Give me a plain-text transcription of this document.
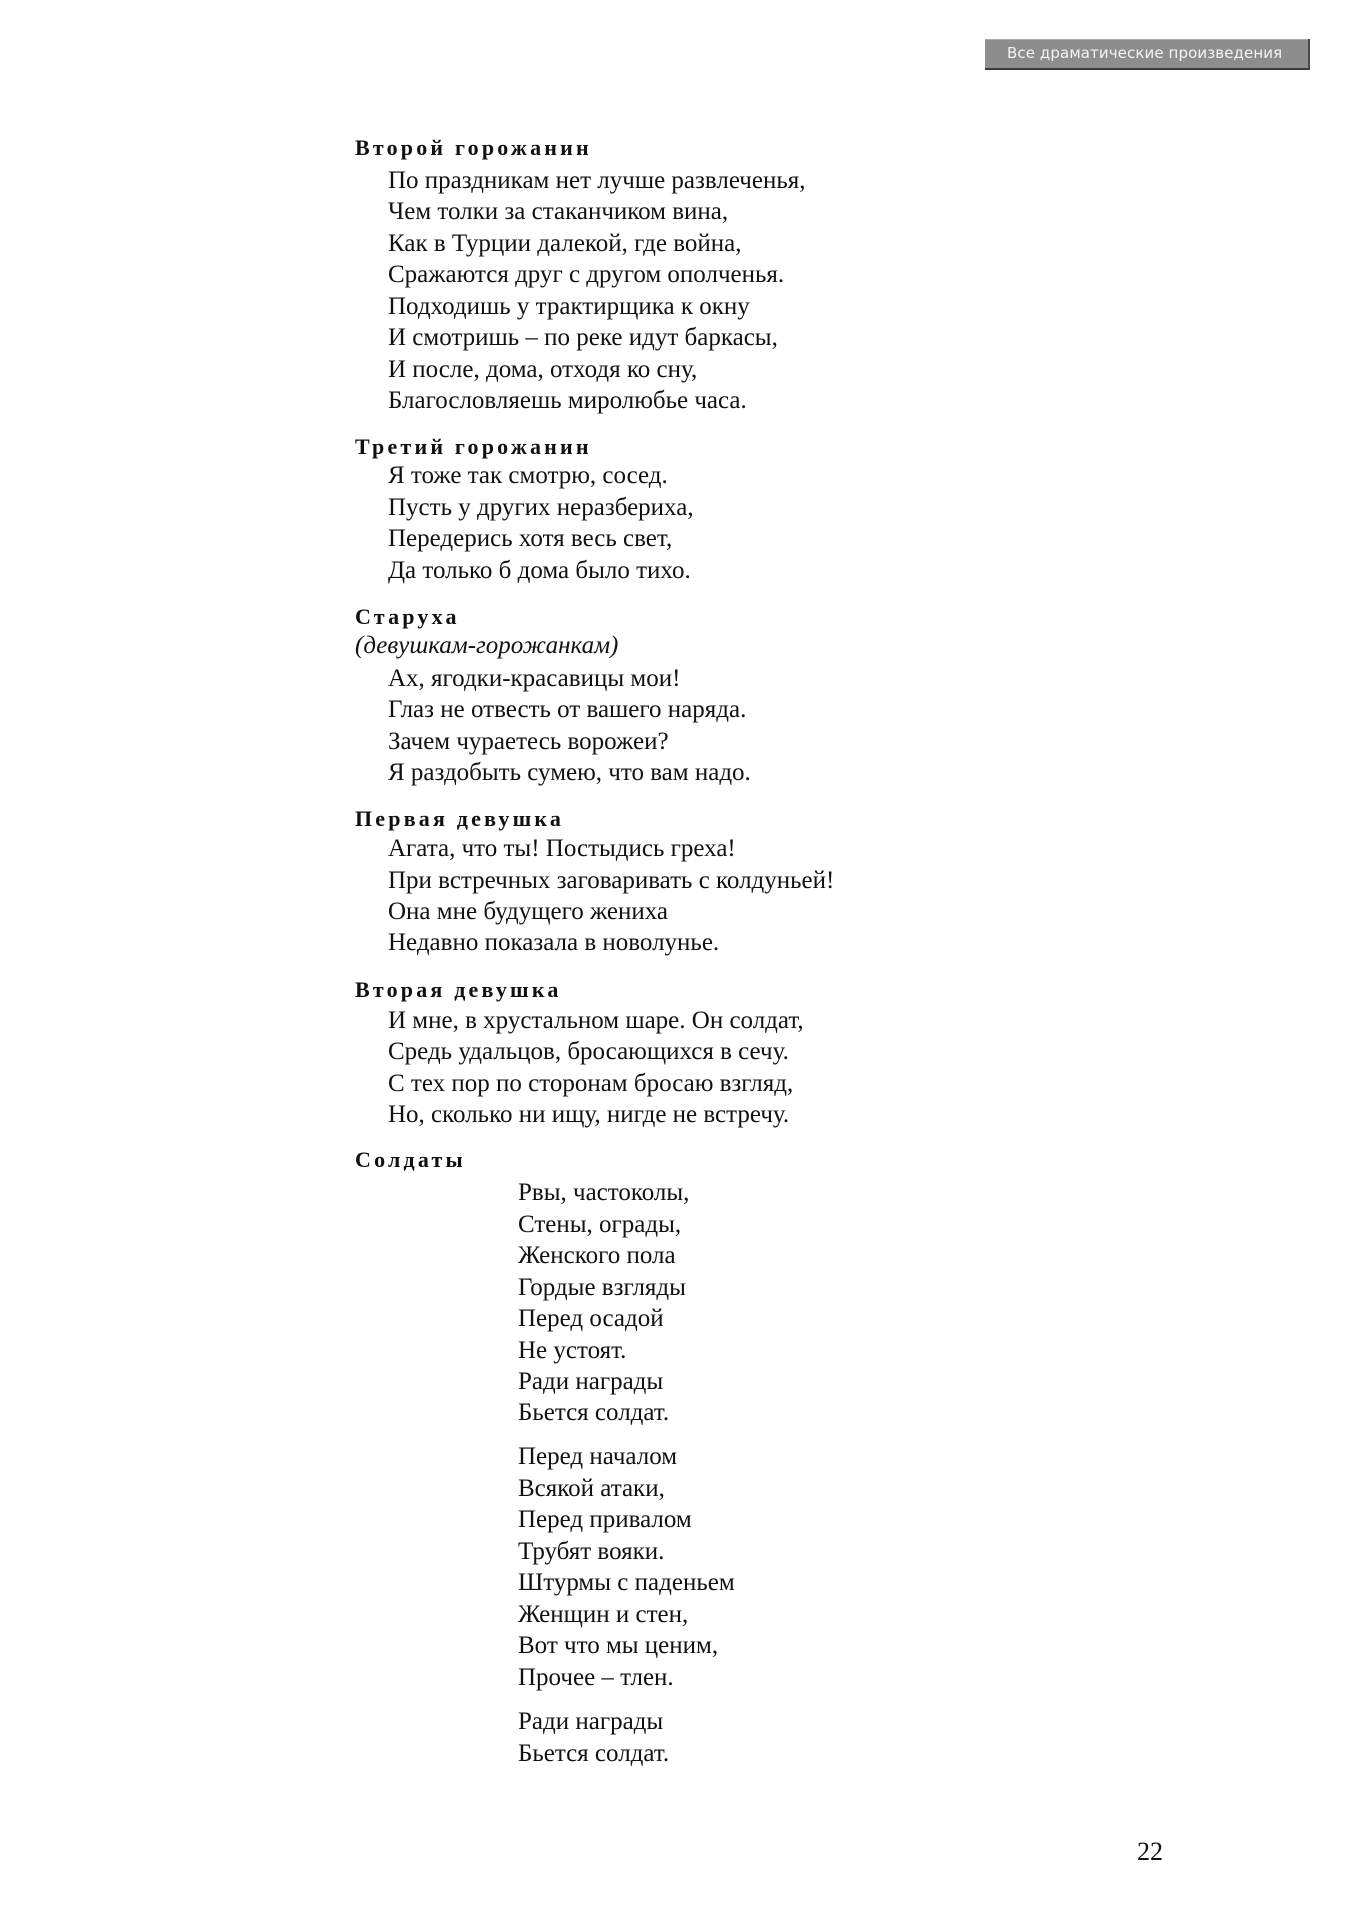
Все драматические произведения
Второй горожанин
По праздникам нет лучше развлеченья,
Чем толки за стаканчиком вина,
Как в Турции далекой, где война,
Сражаются друг с другом ополченья.
Подходишь у трактирщика к окну
И смотришь – по реке идут баркасы,
И после, дома, отходя ко сну,
Благословляешь миролюбье часа.
Третий горожанин
Я тоже так смотрю, сосед.
Пусть у других неразбериха,
Передерись хотя весь свет,
Да только б дома было тихо.
Старуха
(девушкам-горожанкам)
Ах, ягодки-красавицы мои!
Глаз не отвесть от вашего наряда.
Зачем чураетесь ворожеи?
Я раздобыть сумею, что вам надо.
Первая девушка
Агата, что ты! Постыдись греха!
При встречных заговаривать с колдуньей!
Она мне будущего жениха
Недавно показала в новолунье.
Вторая девушка
И мне, в хрустальном шаре. Он солдат,
Средь удальцов, бросающихся в сечу.
С тех пор по сторонам бросаю взгляд,
Но, сколько ни ищу, нигде не встречу.
Солдаты
Рвы, частоколы,
Стены, ограды,
Женского пола
Гордые взгляды
Перед осадой
Не устоят.
Ради награды
Бьется солдат.
Перед началом
Всякой атаки,
Перед привалом
Трубят вояки.
Штурмы с паденьем
Женщин и стен,
Вот что мы ценим,
Прочее – тлен.
Ради награды
Бьется солдат.
22
